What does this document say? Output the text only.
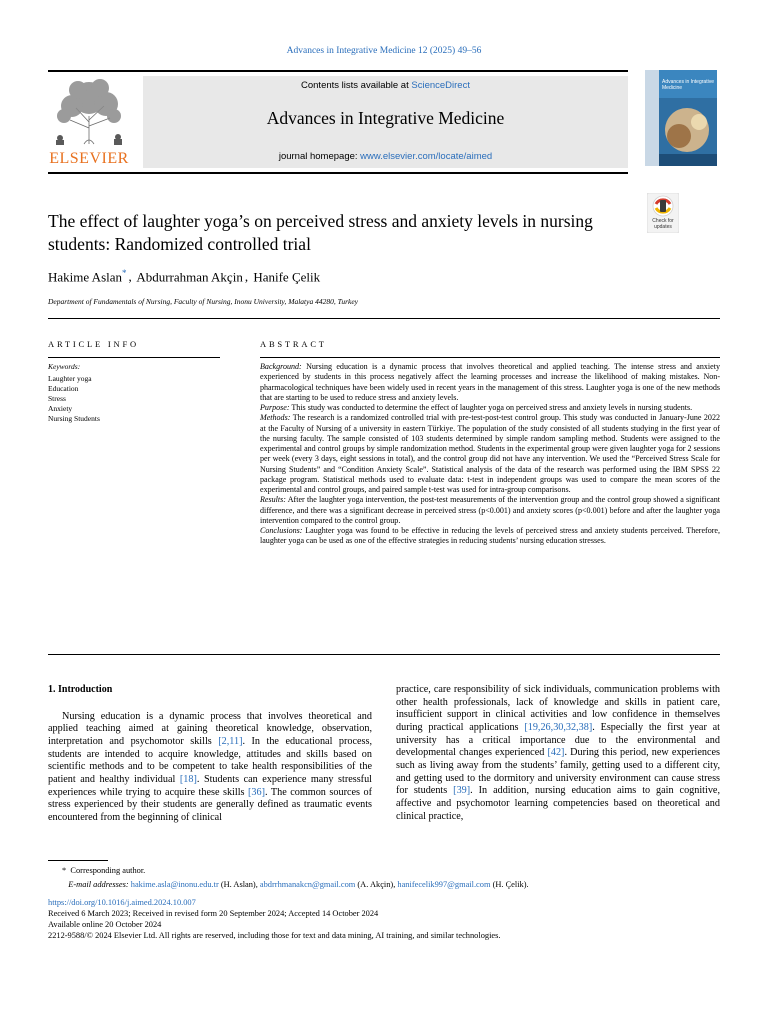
Advances in Integrative Medicine 12 (2025) 49–56
ELSEVIER
Contents lists available at ScienceDirect
Advances in Integrative Medicine
journal homepage: www.elsevier.com/locate/aimed
Advances in Integrative Medicine
Check for updates
The effect of laughter yoga’s on perceived stress and anxiety levels in nursing students: Randomized controlled trial
Hakime Aslan* , Abdurrahman Akçin , Hanife Çelik
Department of Fundamentals of Nursing, Faculty of Nursing, Inonu University, Malatya 44280, Turkey
ARTICLE INFO
Keywords:
Laughter yoga
Education
Stress
Anxiety
Nursing Students
ABSTRACT

Background: Nursing education is a dynamic process that involves theoretical and applied teaching. The intense stress and anxiety experienced by students in this process negatively affect the learning processes and increase the likelihood of making mistakes. Non-pharmacological techniques have been widely used in recent years in the management of this stress. Laughter yoga is one of the new methods that are starting to be used to reduce stress and anxiety levels.

Purpose: This study was conducted to determine the effect of laughter yoga on perceived stress and anxiety levels in nursing students.

Methods: The research is a randomized controlled trial with pre-test-post-test control group. This study was conducted in January-June 2022 at the Faculty of Nursing of a university in eastern Türkiye. The population of the study consisted of all students studying in the first year of the nursing faculty. The sample consisted of 103 students determined by simple random sampling method. Students were assigned to the experimental and control groups by simple randomization method. Students in the experimental group were given laughter yoga for 2 sessions per week (every 3 days, eight sessions in total), and the control group did not have any intervention. We used the “Perceived Stress Scale for Nursing Students” and “Condition Anxiety Scale”. Statistical analysis of the data of the research was performed using the IBM SPSS 22 package program. Statistical methods used to evaluate data: t-test in independent groups was used to compare the mean scores of the experimental and control groups, and paired sample t-test was used for intra-group comparisons.

Results: After the laughter yoga intervention, the post-test measurements of the intervention group and the control group showed a significant difference, and there was a significant decrease in perceived stress (p<0.001) and anxiety scores (p<0.001) before and after the laughter yoga intervention compared to the control group.

Conclusions: Laughter yoga was found to be effective in reducing the levels of perceived stress and anxiety students perceived. Therefore, laughter yoga can be used as one of the effective strategies in reducing students’ nursing education stresses.

1. Introduction

Nursing education is a dynamic process that involves theoretical and applied teaching aimed at gaining theoretical knowledge, observation, interpretation and psychomotor skills [2,11]. In the educational process, students are intended to acquire knowledge, attitudes and skills based on scientific methods and to be competent to take health responsibilities of the patient and healthy individual [18]. Students can experience many stressful experiences while trying to acquire these skills [36]. The common sources of stress experienced by their students are generally defined as traumatic events encountered from the beginning of clinical

practice, care responsibility of sick individuals, communication problems with other health professionals, lack of knowledge and skills in patient care, insufficient support in clinical activities and low confidence in themselves during practical applications [19,26,30,32,38]. Especially the first year at university has a critical importance due to the environmental and developmental changes experienced [42]. During this period, new experiences such as living away from the students’ family, getting used to a different city, and getting used to the dormitory and university environment can cause stress for students [39]. In addition, nursing education aims to gain cognitive, affective and psychomotor learning competencies based on theoretical and clinical practice,

* Corresponding author.
E-mail addresses: hakime.asla@inonu.edu.tr (H. Aslan), abdrrhmanakcn@gmail.com (A. Akçin), hanifecelik997@gmail.com (H. Çelik).
https://doi.org/10.1016/j.aimed.2024.10.007
Received 6 March 2023; Received in revised form 20 September 2024; Accepted 14 October 2024
Available online 20 October 2024
2212-9588/© 2024 Elsevier Ltd. All rights are reserved, including those for text and data mining, AI training, and similar technologies.
